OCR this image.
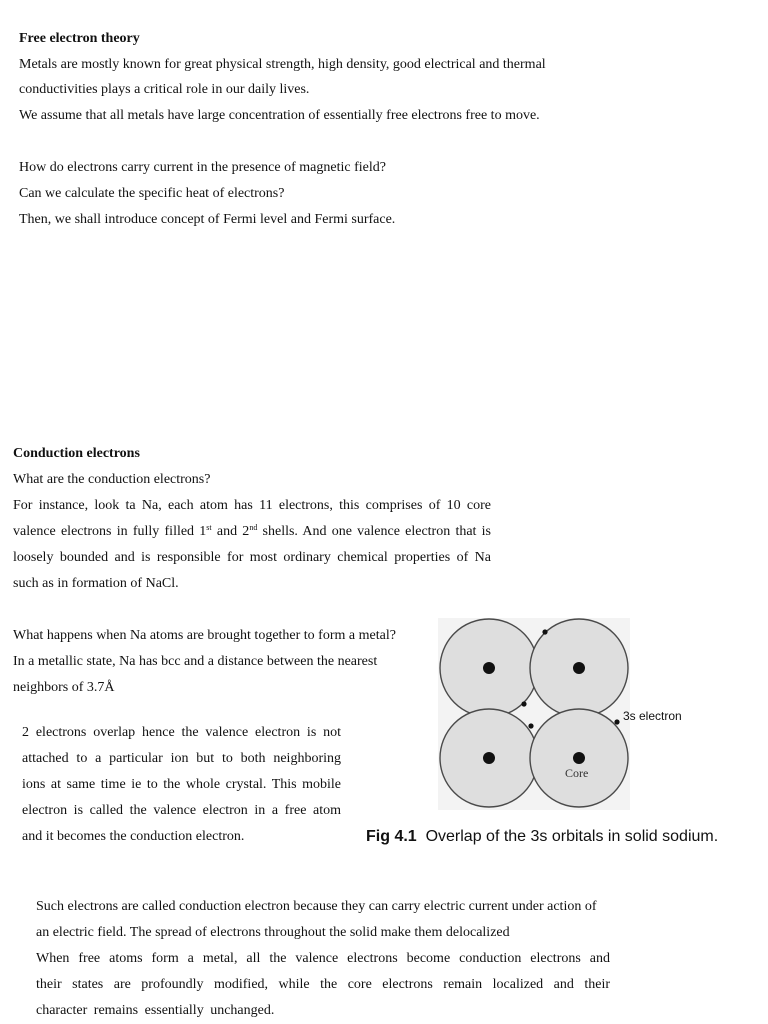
Free electron theory
Metals are mostly known for great physical strength, high density, good electrical and thermal
conductivities plays a critical role in our daily lives.
We assume that all metals have large concentration of essentially free electrons free to move.
How do electrons carry current in the presence of magnetic field?
Can we calculate the specific heat of electrons?
Then, we shall introduce concept of Fermi level and Fermi surface.
Conduction electrons
What are the conduction electrons?
For instance, look ta Na, each atom has 11 electrons, this comprises of 10 core
valence electrons in fully filled 1st and 2nd shells. And one valence electron that is
loosely bounded and is responsible for most ordinary chemical properties of Na
such as in formation of NaCl.
What happens when Na atoms are brought together to form a metal?
In a metallic state, Na has bcc and a distance between the nearest
neighbors of 3.7Å
2 electrons overlap hence the valence electron is not
attached to a particular ion but to both neighboring
ions at same time ie to the whole crystal. This mobile
electron is called the valence electron in a free atom
and it becomes the conduction electron.
3s electron
Core
Fig 4.1 Overlap of the 3s orbitals in solid sodium.
Such electrons are called conduction electron because they can carry electric current under action of
an electric field. The spread of electrons throughout the solid make them delocalized
When free atoms form a metal, all the valence electrons become conduction electrons and
their states are profoundly modified, while the core electrons remain localized and their
character remains essentially unchanged.
